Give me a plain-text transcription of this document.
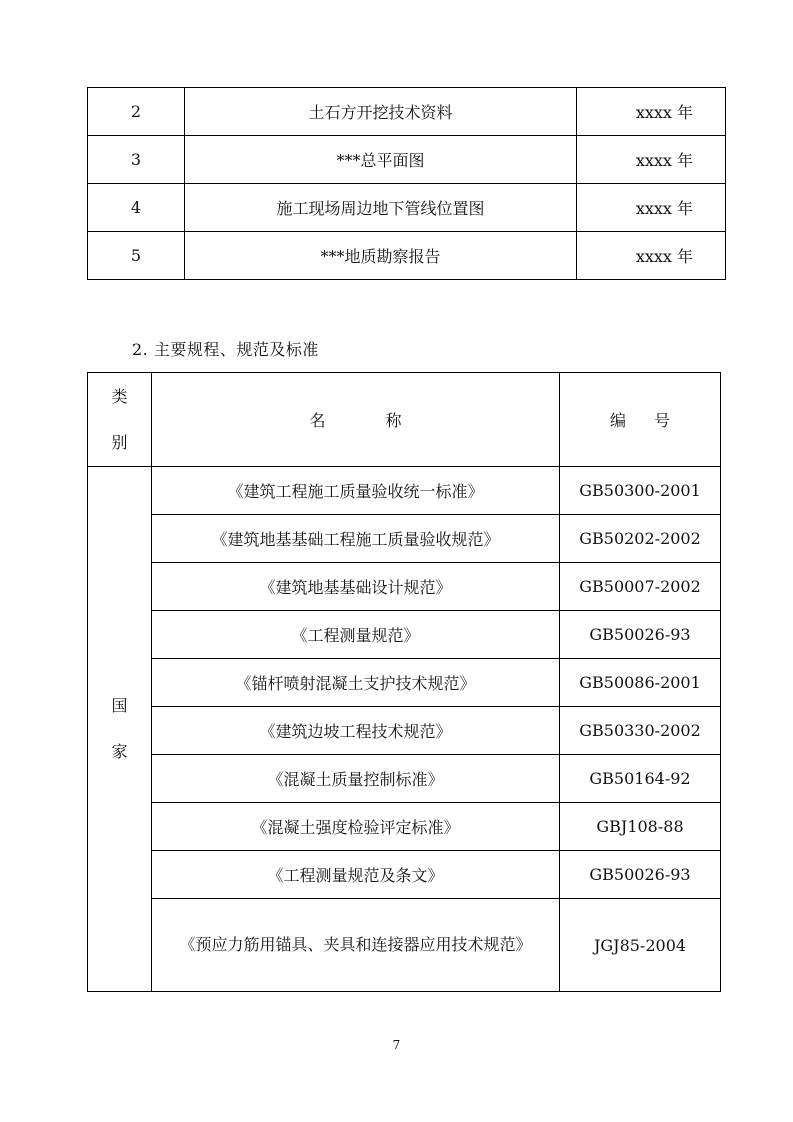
2	土石方开挖技术资料	xxxx 年
3	***总平面图	xxxx 年
4	施工现场周边地下管线位置图	xxxx 年
5	***地质勘察报告	xxxx 年
2. 主要规程、规范及标准
类
别	名 称	编 号

国
家	《建筑工程施工质量验收统一标准》	GB50300-2001
	《建筑地基基础工程施工质量验收规范》	GB50202-2002
	《建筑地基基础设计规范》	GB50007-2002
	《工程测量规范》	GB50026-93
	《锚杆喷射混凝土支护技术规范》	GB50086-2001
	《建筑边坡工程技术规范》	GB50330-2002
	《混凝土质量控制标准》	GB50164-92
	《混凝土强度检验评定标准》	GBJ108-88
	《工程测量规范及条文》	GB50026-93
	《预应力筋用锚具、夹具和连接器应用技术规范》	JGJ85-2004
7
